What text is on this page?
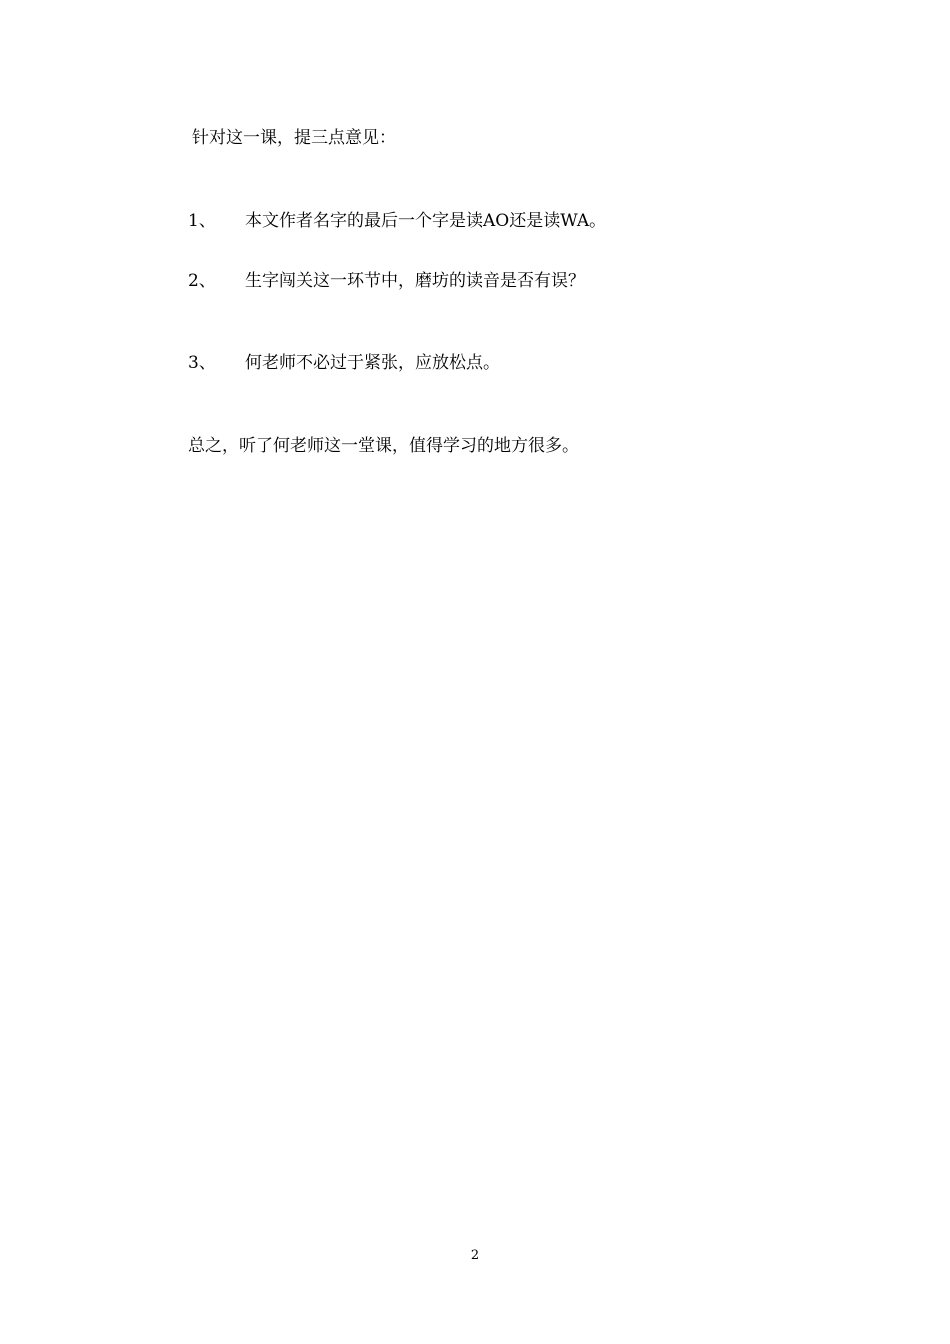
针对这一课，提三点意见：
1、 本文作者名字的最后一个字是读AO还是读WA。
2、 生字闯关这一环节中，磨坊的读音是否有误？
3、 何老师不必过于紧张，应放松点。
总之，听了何老师这一堂课，值得学习的地方很多。
2
